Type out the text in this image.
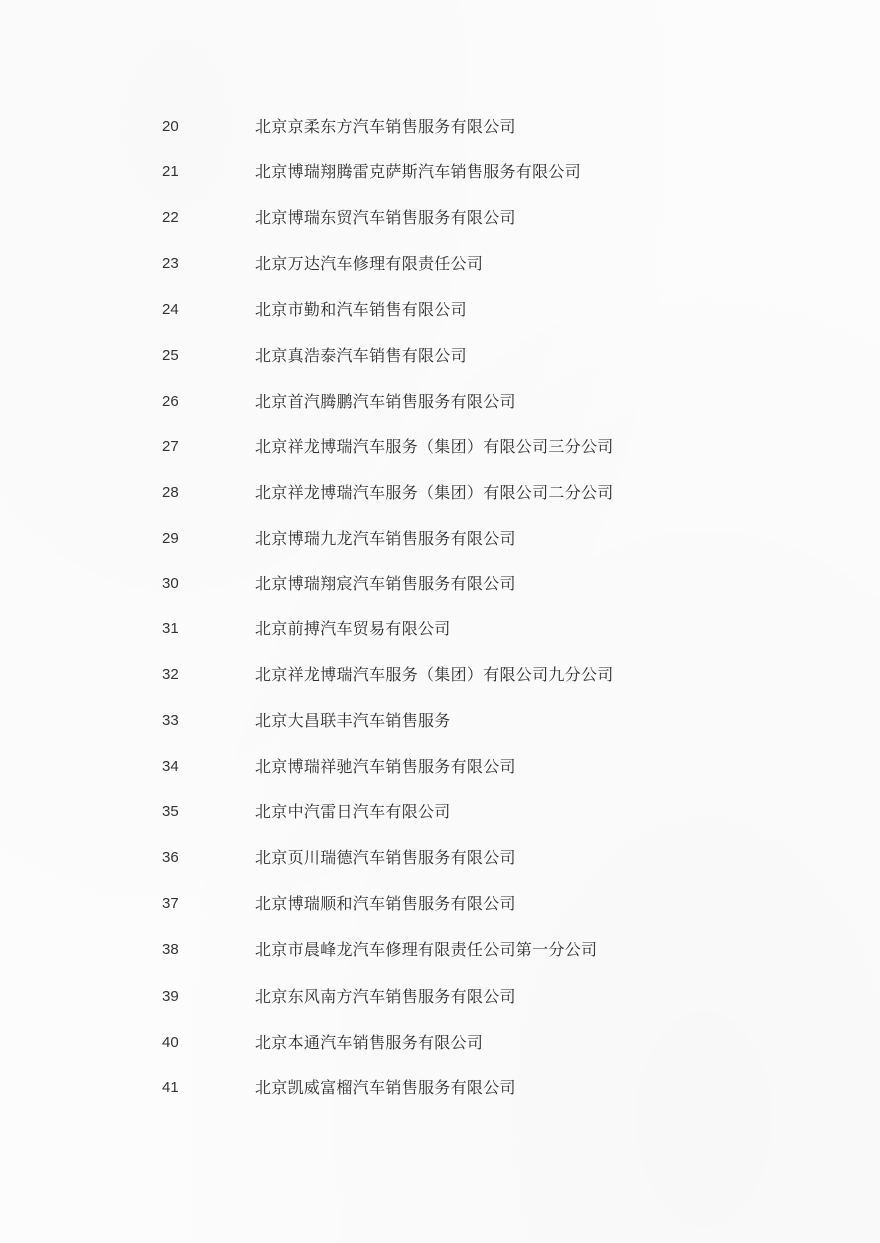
20	北京京柔东方汽车销售服务有限公司
21	北京博瑞翔腾雷克萨斯汽车销售服务有限公司
22	北京博瑞东贸汽车销售服务有限公司
23	北京万达汽车修理有限责任公司
24	北京市勤和汽车销售有限公司
25	北京真浩泰汽车销售有限公司
26	北京首汽腾鹏汽车销售服务有限公司
27	北京祥龙博瑞汽车服务（集团）有限公司三分公司
28	北京祥龙博瑞汽车服务（集团）有限公司二分公司
29	北京博瑞九龙汽车销售服务有限公司
30	北京博瑞翔宸汽车销售服务有限公司
31	北京前搏汽车贸易有限公司
32	北京祥龙博瑞汽车服务（集团）有限公司九分公司
33	北京大昌联丰汽车销售服务
34	北京博瑞祥驰汽车销售服务有限公司
35	北京中汽雷日汽车有限公司
36	北京页川瑞德汽车销售服务有限公司
37	北京博瑞顺和汽车销售服务有限公司
38	北京市晨峰龙汽车修理有限责任公司第一分公司
39	北京东风南方汽车销售服务有限公司
40	北京本通汽车销售服务有限公司
41	北京凯威富榴汽车销售服务有限公司
